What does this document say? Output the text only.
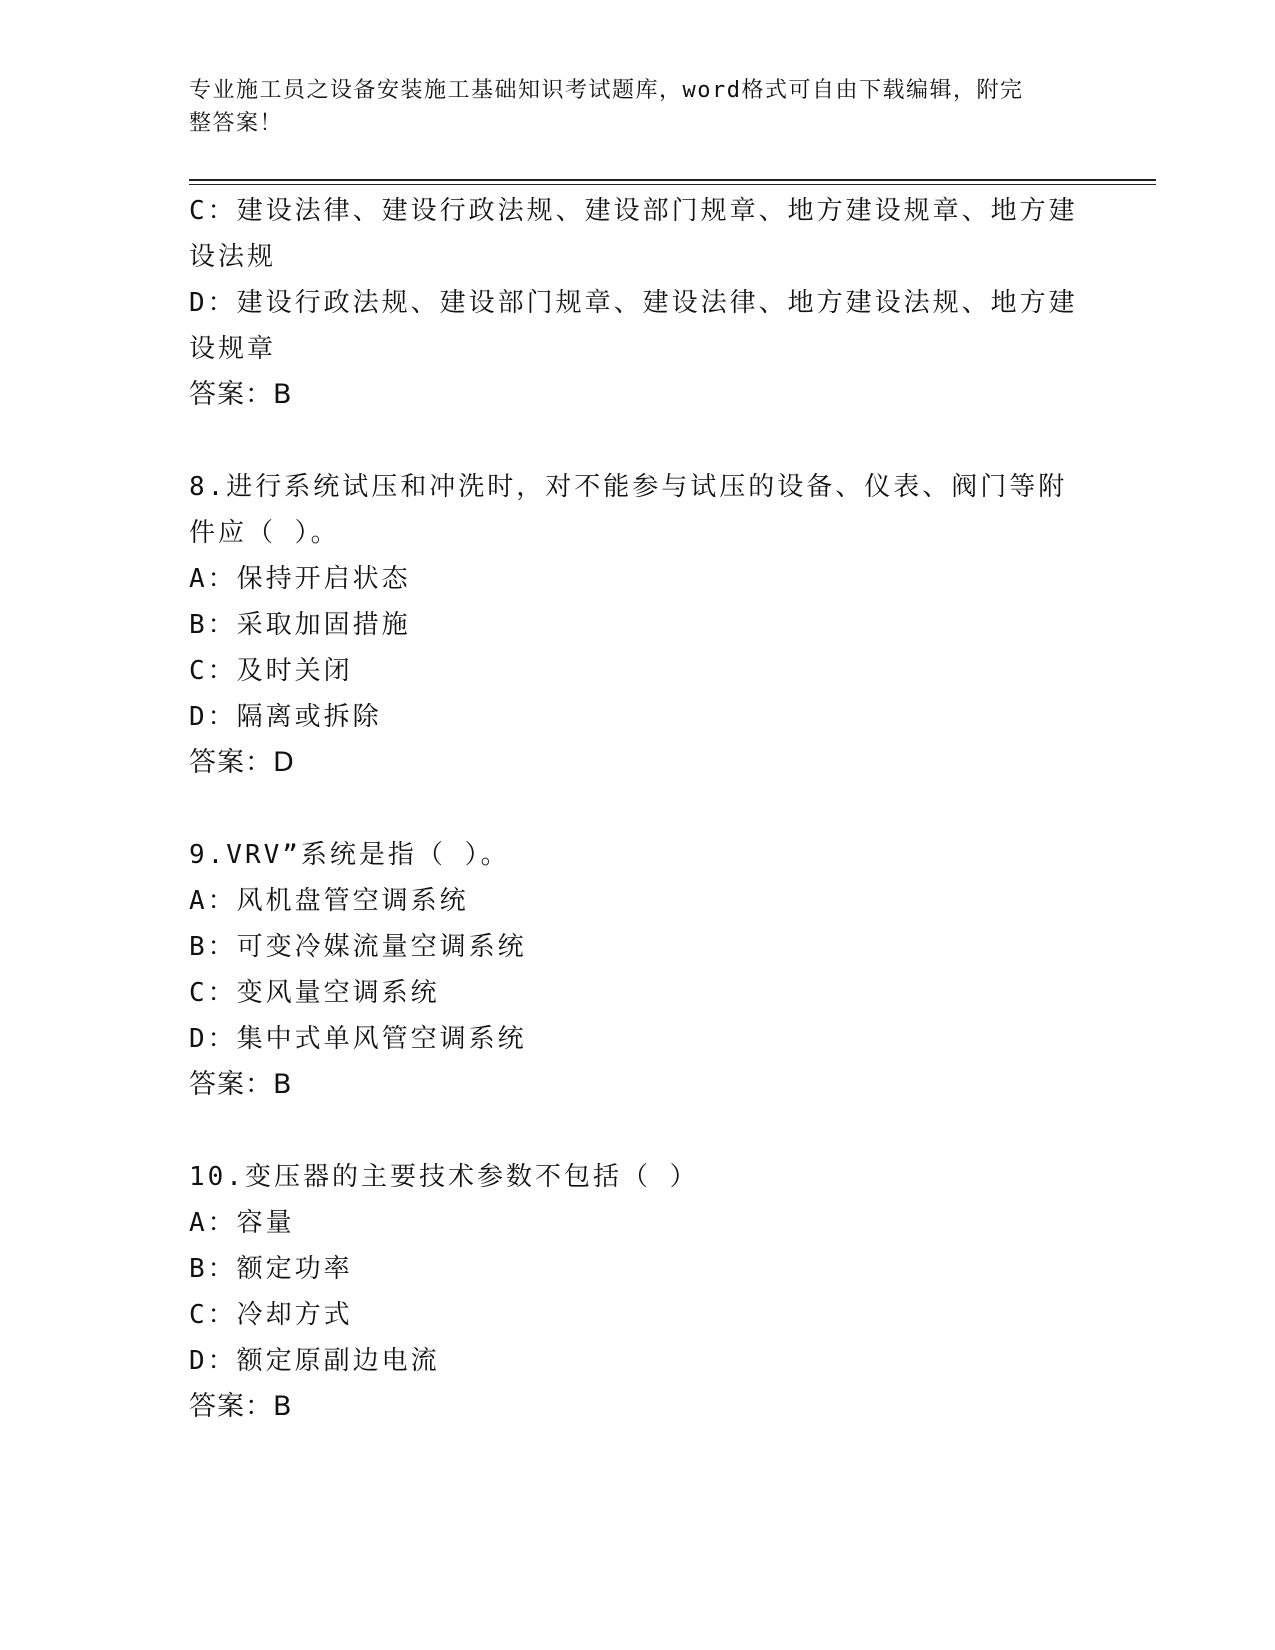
专业施工员之设备安装施工基础知识考试题库，word格式可自由下载编辑，附完
整答案！
C：建设法律、建设行政法规、建设部门规章、地方建设规章、地方建
设法规
D：建设行政法规、建设部门规章、建设法律、地方建设法规、地方建
设规章
答案：B
8.进行系统试压和冲洗时，对不能参与试压的设备、仪表、阀门等附
件应（ ）。
A：保持开启状态
B：采取加固措施
C：及时关闭
D：隔离或拆除
答案：D
9.VRV”系统是指（ ）。
A：风机盘管空调系统
B：可变冷媒流量空调系统
C：变风量空调系统
D：集中式单风管空调系统
答案：B
10.变压器的主要技术参数不包括（ ）
A：容量
B：额定功率
C：冷却方式
D：额定原副边电流
答案：B
